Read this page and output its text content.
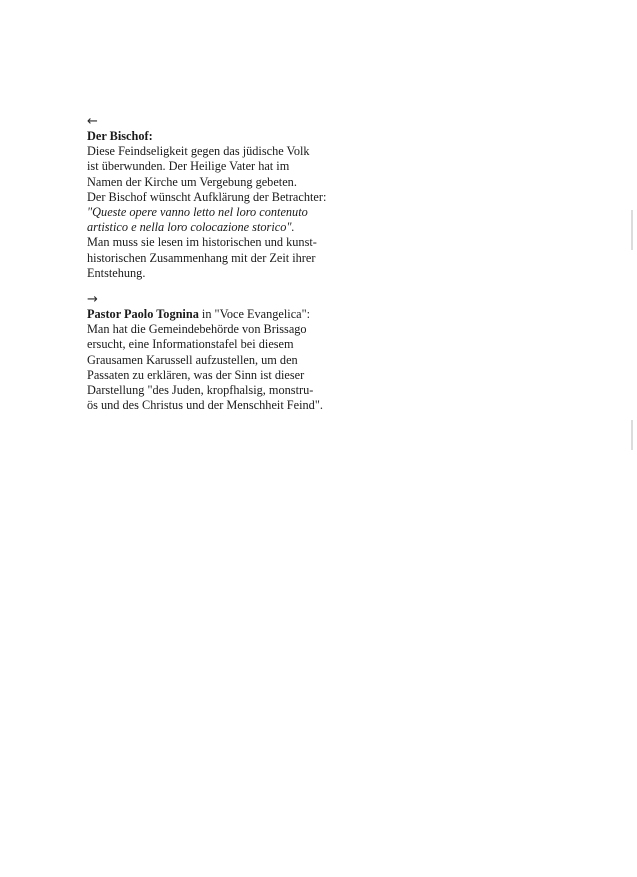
←
Der Bischof:
Diese Feindseligkeit gegen das jüdische Volk
ist überwunden. Der Heilige Vater hat im
Namen der Kirche um Vergebung gebeten.
Der Bischof wünscht Aufklärung der Betrachter:
"Queste opere vanno letto nel loro contenuto
artistico e nella loro colocazione storico".
Man muss sie lesen im historischen und kunst-
historischen Zusammenhang mit der Zeit ihrer
Entstehung.
→
Pastor Paolo Tognina in "Voce Evangelica":
Man hat die Gemeindebehörde von Brissago
ersucht, eine Informationstafel bei diesem
Grausamen Karussell aufzustellen, um den
Passaten zu erklären, was der Sinn ist dieser
Darstellung "des Juden, kropfhalsig, monstru-
ös und des Christus und der Menschheit Feind".
